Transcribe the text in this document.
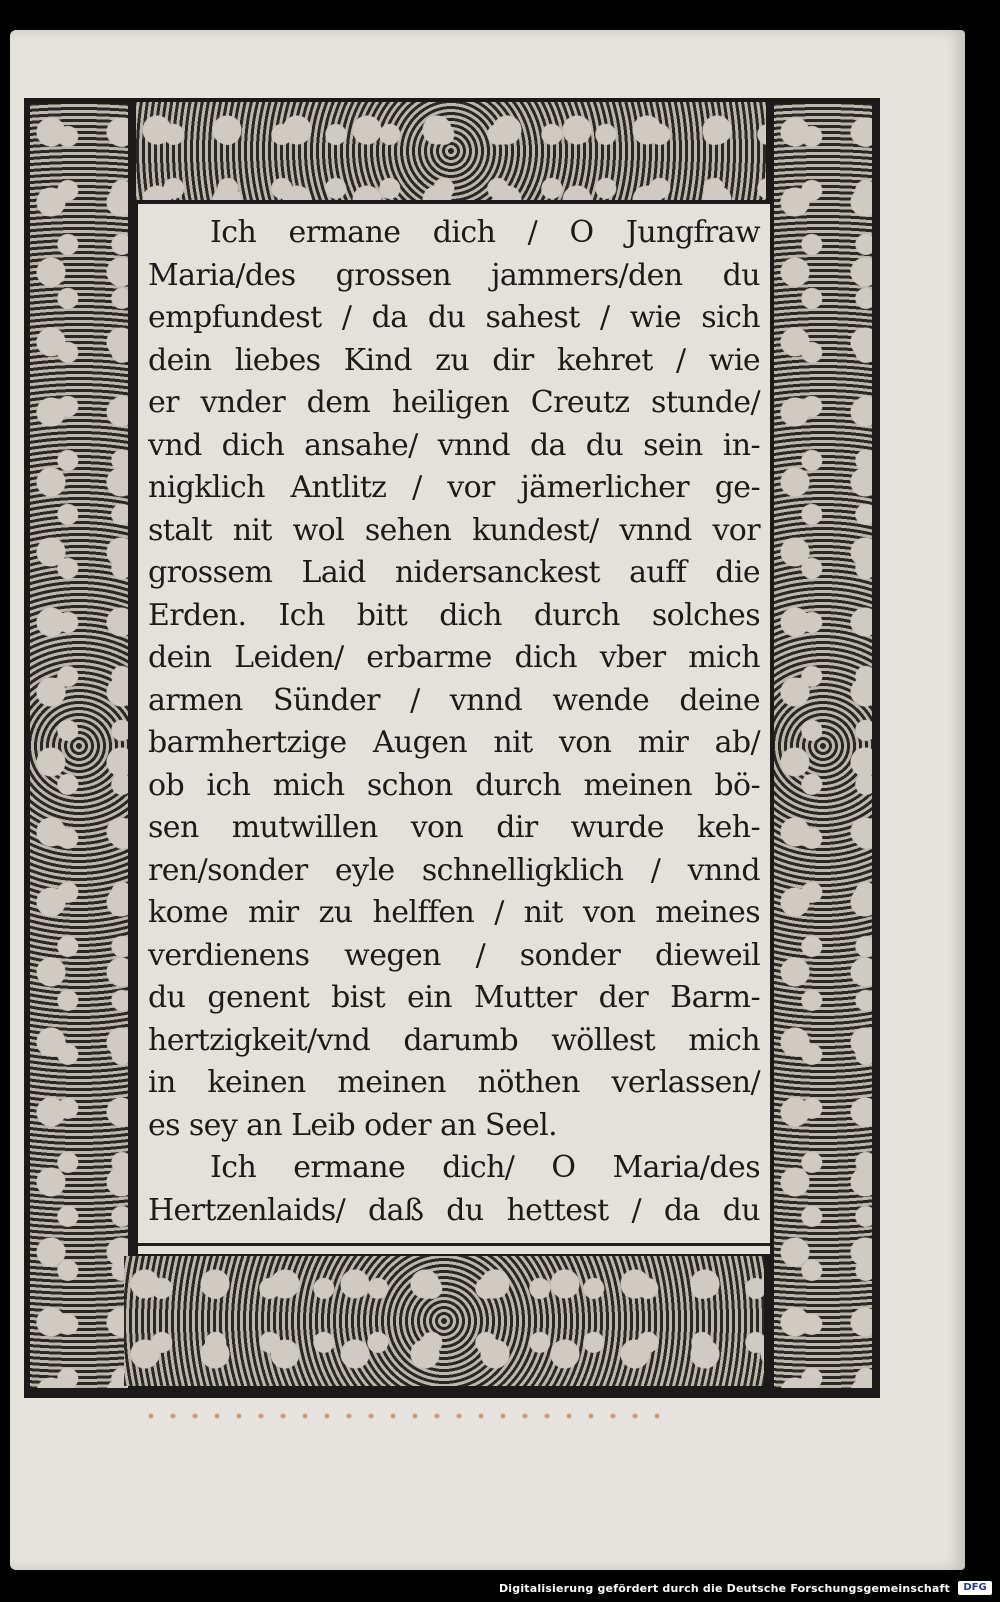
Ich ermane dich / O Jungfraw
Maria/des grossen jammers/den du
empfundest / da du sahest / wie sich
dein liebes Kind zu dir kehret / wie
er vnder dem heiligen Creutz stunde/
vnd dich ansahe/ vnnd da du sein in-
nigklich Antlitz / vor jämerlicher ge-
stalt nit wol sehen kundest/ vnnd vor
grossem Laid nidersanckest auff die
Erden. Ich bitt dich durch solches
dein Leiden/ erbarme dich vber mich
armen Sünder / vnnd wende deine
barmhertzige Augen nit von mir ab/
ob ich mich schon durch meinen bö-
sen mutwillen von dir wurde keh-
ren/sonder eyle schnelligklich / vnnd
kome mir zu helffen / nit von meines
verdienens wegen / sonder dieweil
du genent bist ein Mutter der Barm-
hertzigkeit/vnd darumb wöllest mich
in keinen meinen nöthen verlassen/
es sey an Leib oder an Seel.
Ich ermane dich/ O Maria/des
Hertzenlaids/ daß du hettest / da du
Digitalisierung gefördert durch die Deutsche Forschungsgemeinschaft	DFG
